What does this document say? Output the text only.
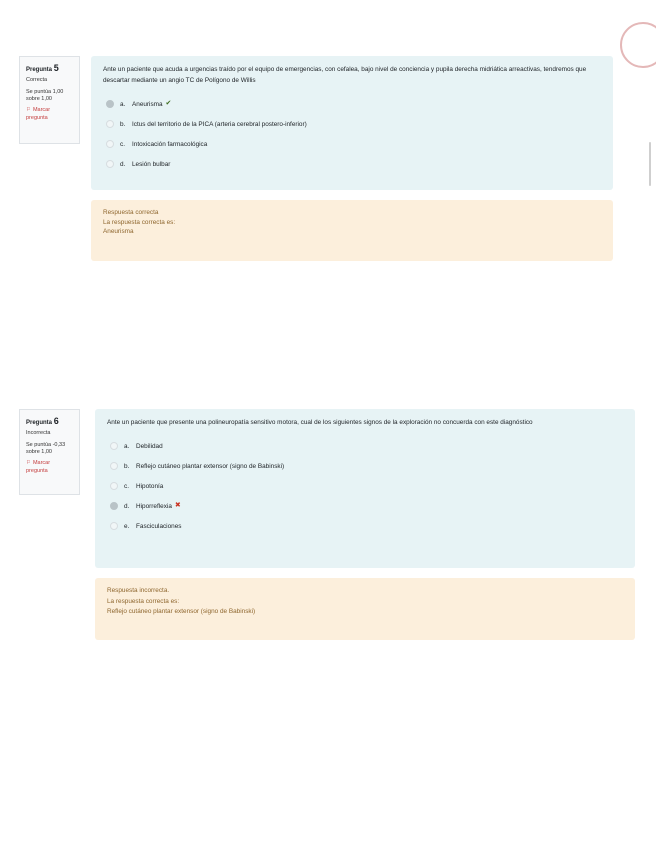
Pregunta 5
Correcta
Se puntúa 1,00 sobre 1,00
⚐ Marcar pregunta
Ante un paciente que acuda a urgencias traído por el equipo de emergencias, con cefalea, bajo nivel de conciencia y pupila derecha midriática arreactivas, tendremos que descartar mediante un angio TC de Polígono de Willis
a.	Aneurisma ✔
b.	Ictus del territorio de la PICA (arteria cerebral postero-inferior)
c.	Intoxicación farmacológica
d.	Lesión bulbar
Respuesta correcta
La respuesta correcta es:
Aneurisma
Pregunta 6
Incorrecta
Se puntúa -0,33 sobre 1,00
⚐ Marcar pregunta
Ante un paciente que presente una polineuropatía sensitivo motora, cual de los siguientes signos de la exploración no concuerda con este diagnóstico
a.	Debilidad
b.	Reflejo cutáneo plantar extensor (signo de Babinski)
c.	Hipotonía
d.	Hiporreflexia ✖
e.	Fasciculaciones
Respuesta incorrecta.
La respuesta correcta es:
Reflejo cutáneo plantar extensor (signo de Babinski)
